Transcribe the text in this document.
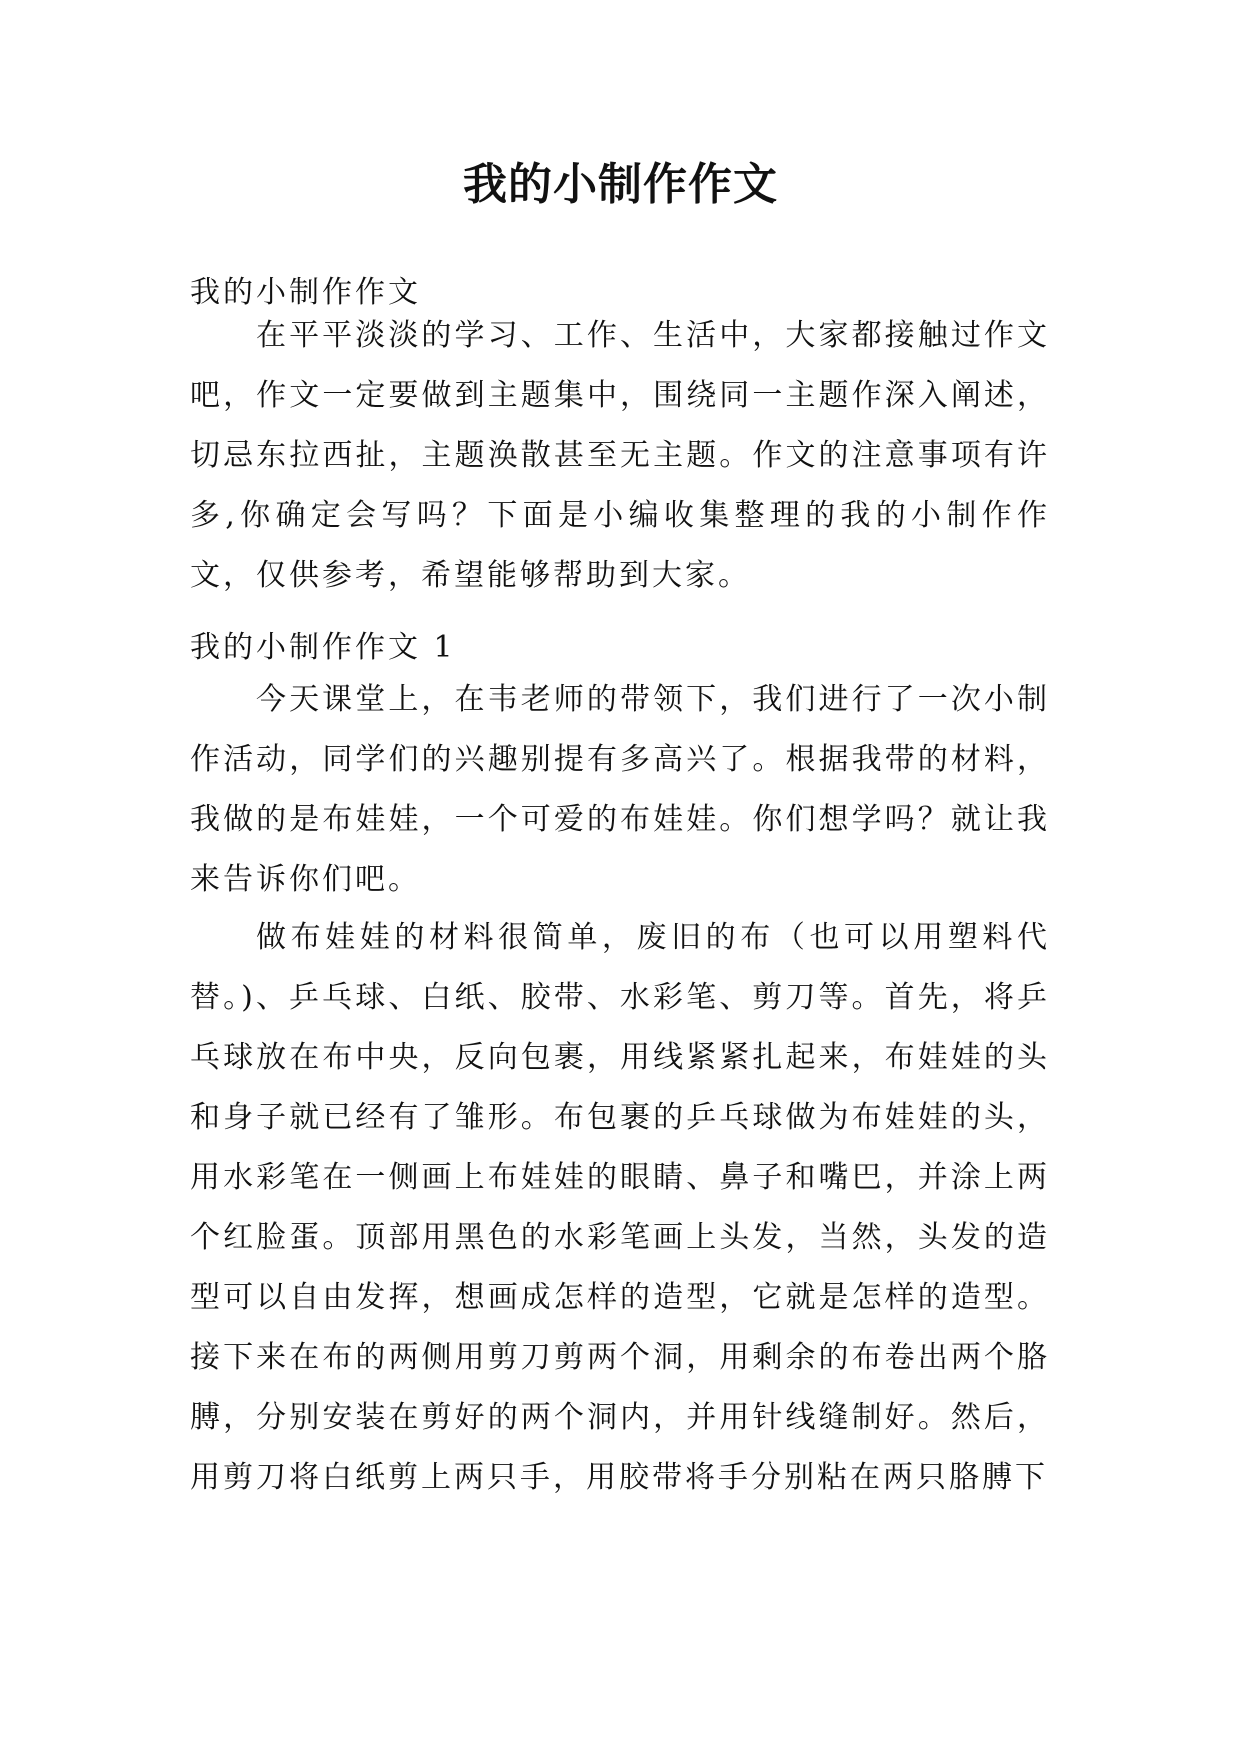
我的小制作作文

我的小制作作文

在平平淡淡的学习、工作、生活中，大家都接触过作文吧，作文一定要做到主题集中，围绕同一主题作深入阐述，切忌东拉西扯，主题涣散甚至无主题。作文的注意事项有许多,你确定会写吗？下面是小编收集整理的我的小制作作文，仅供参考，希望能够帮助到大家。

我的小制作作文 1

今天课堂上，在韦老师的带领下，我们进行了一次小制作活动，同学们的兴趣别提有多高兴了。根据我带的材料，我做的是布娃娃，一个可爱的布娃娃。你们想学吗？就让我来告诉你们吧。

做布娃娃的材料很简单，废旧的布（也可以用塑料代替。)、乒乓球、白纸、胶带、水彩笔、剪刀等。首先，将乒乓球放在布中央，反向包裹，用线紧紧扎起来，布娃娃的头和身子就已经有了雏形。布包裹的乒乓球做为布娃娃的头，用水彩笔在一侧画上布娃娃的眼睛、鼻子和嘴巴，并涂上两个红脸蛋。顶部用黑色的水彩笔画上头发，当然，头发的造型可以自由发挥，想画成怎样的造型，它就是怎样的造型。接下来在布的两侧用剪刀剪两个洞，用剩余的布卷出两个胳膊，分别安装在剪好的两个洞内，并用针线缝制好。然后，用剪刀将白纸剪上两只手，用胶带将手分别粘在两只胳膊下
